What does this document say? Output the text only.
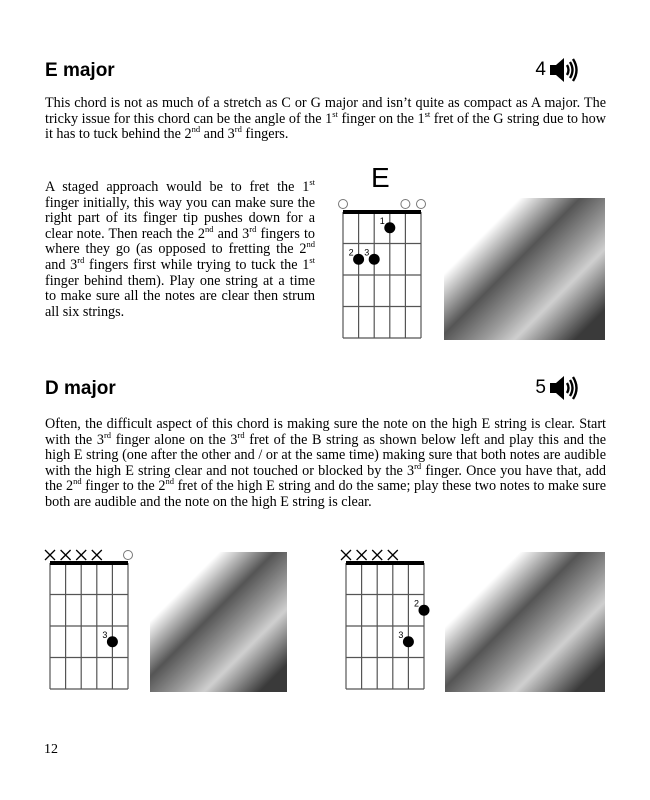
E major	4

This chord is not as much of a stretch as C or G major and isn’t quite as compact as A major. The tricky issue for this chord can be the angle of the 1st finger on the 1st fret of the G string due to how it has to tuck behind the 2nd and 3rd fingers.

A staged approach would be to fret the 1st finger initially, this way you can make sure the right part of its finger tip pushes down for a clear note. Then reach the 2nd and 3rd fingers to where they go (as opposed to fretting the 2nd and 3rd fingers first while trying to tuck the 1st finger behind them). Play one string at a time to make sure all the notes are clear then strum all six strings.

E
1
2 3
D major	5

Often, the difficult aspect of this chord is making sure the note on the high E string is clear. Start with the 3rd finger alone on the 3rd fret of the B string as shown below left and play this and the high E string (one after the other and / or at the same time) making sure that both notes are audible with the high E string clear and not touched or blocked by the 3rd finger. Once you have that, add the 2nd finger to the 2nd fret of the high E string and do the same; play these two notes to make sure both are audible and the note on the high E string is clear.

3
2
3
12
